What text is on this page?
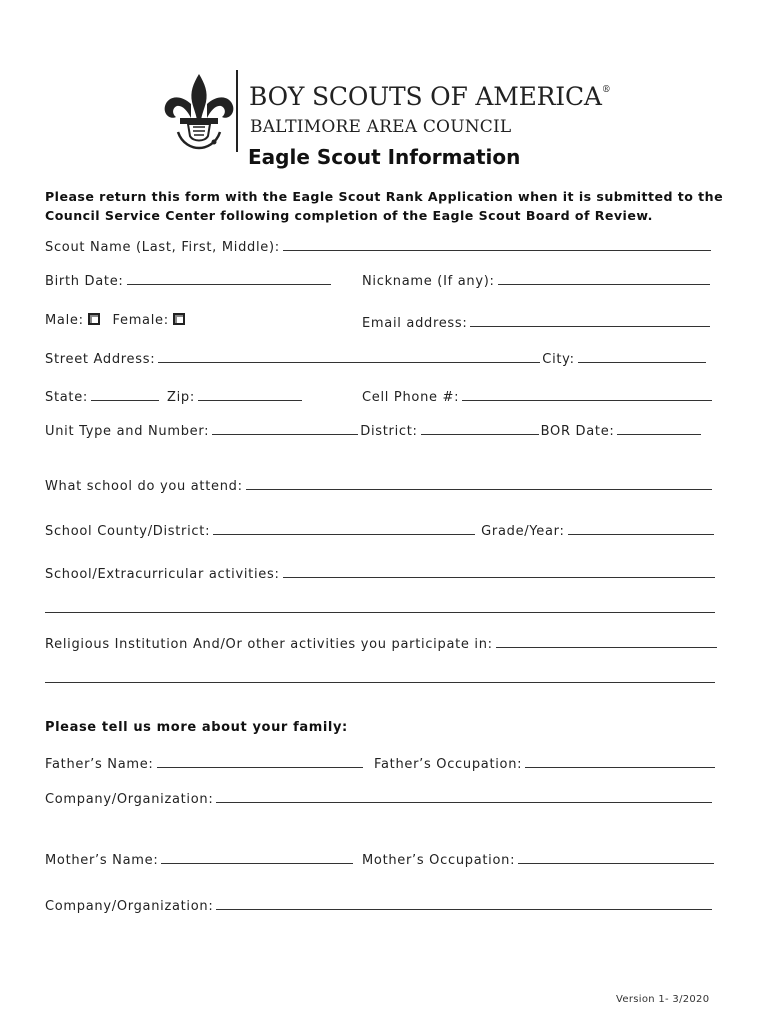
BOY SCOUTS OF AMERICA®
BALTIMORE AREA COUNCIL
Eagle Scout Information
Please return this form with the Eagle Scout Rank Application when it is submitted to the Council Service Center following completion of the Eagle Scout Board of Review.
Scout Name (Last, First, Middle):
Birth Date:	Nickname (If any):
Male: Female:	Email address:
Street Address:	City:
State:	Zip:	Cell Phone #:
Unit Type and Number:	District:	BOR Date:
What school do you attend:
School County/District:	Grade/Year:
School/Extracurricular activities:
Religious Institution And/Or other activities you participate in:
Please tell us more about your family:
Father’s Name:	Father’s Occupation:
Company/Organization:
Mother’s Name:	Mother’s Occupation:
Company/Organization:
Version 1- 3/2020
